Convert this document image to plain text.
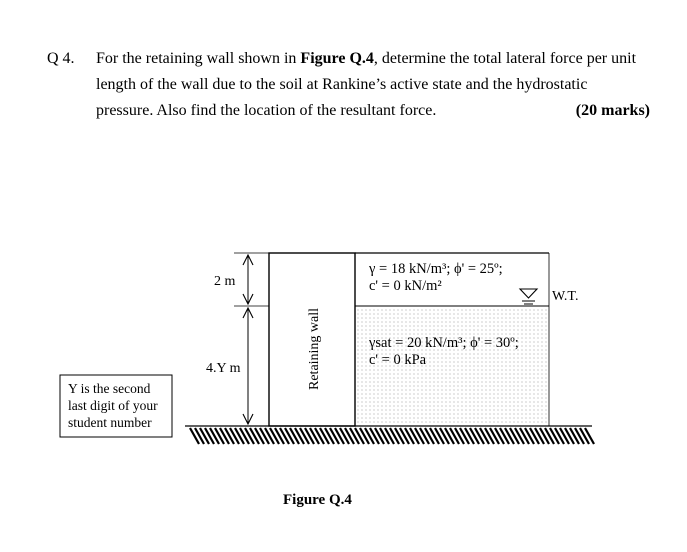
Q 4. For the retaining wall shown in Figure Q.4, determine the total lateral force per unit
length of the wall due to the soil at Rankine’s active state and the hydrostatic
pressure. Also find the location of the resultant force.	(20 marks)
W.T.
2 m
4.Y m	Retaining wall
γ = 18 kN/m³; ϕ' = 25º;
c' = 0 kN/m²
γsat = 20 kN/m³; ϕ' = 30º;
c' = 0 kPa
Y is the second
last digit of your
student number
Figure Q.4
